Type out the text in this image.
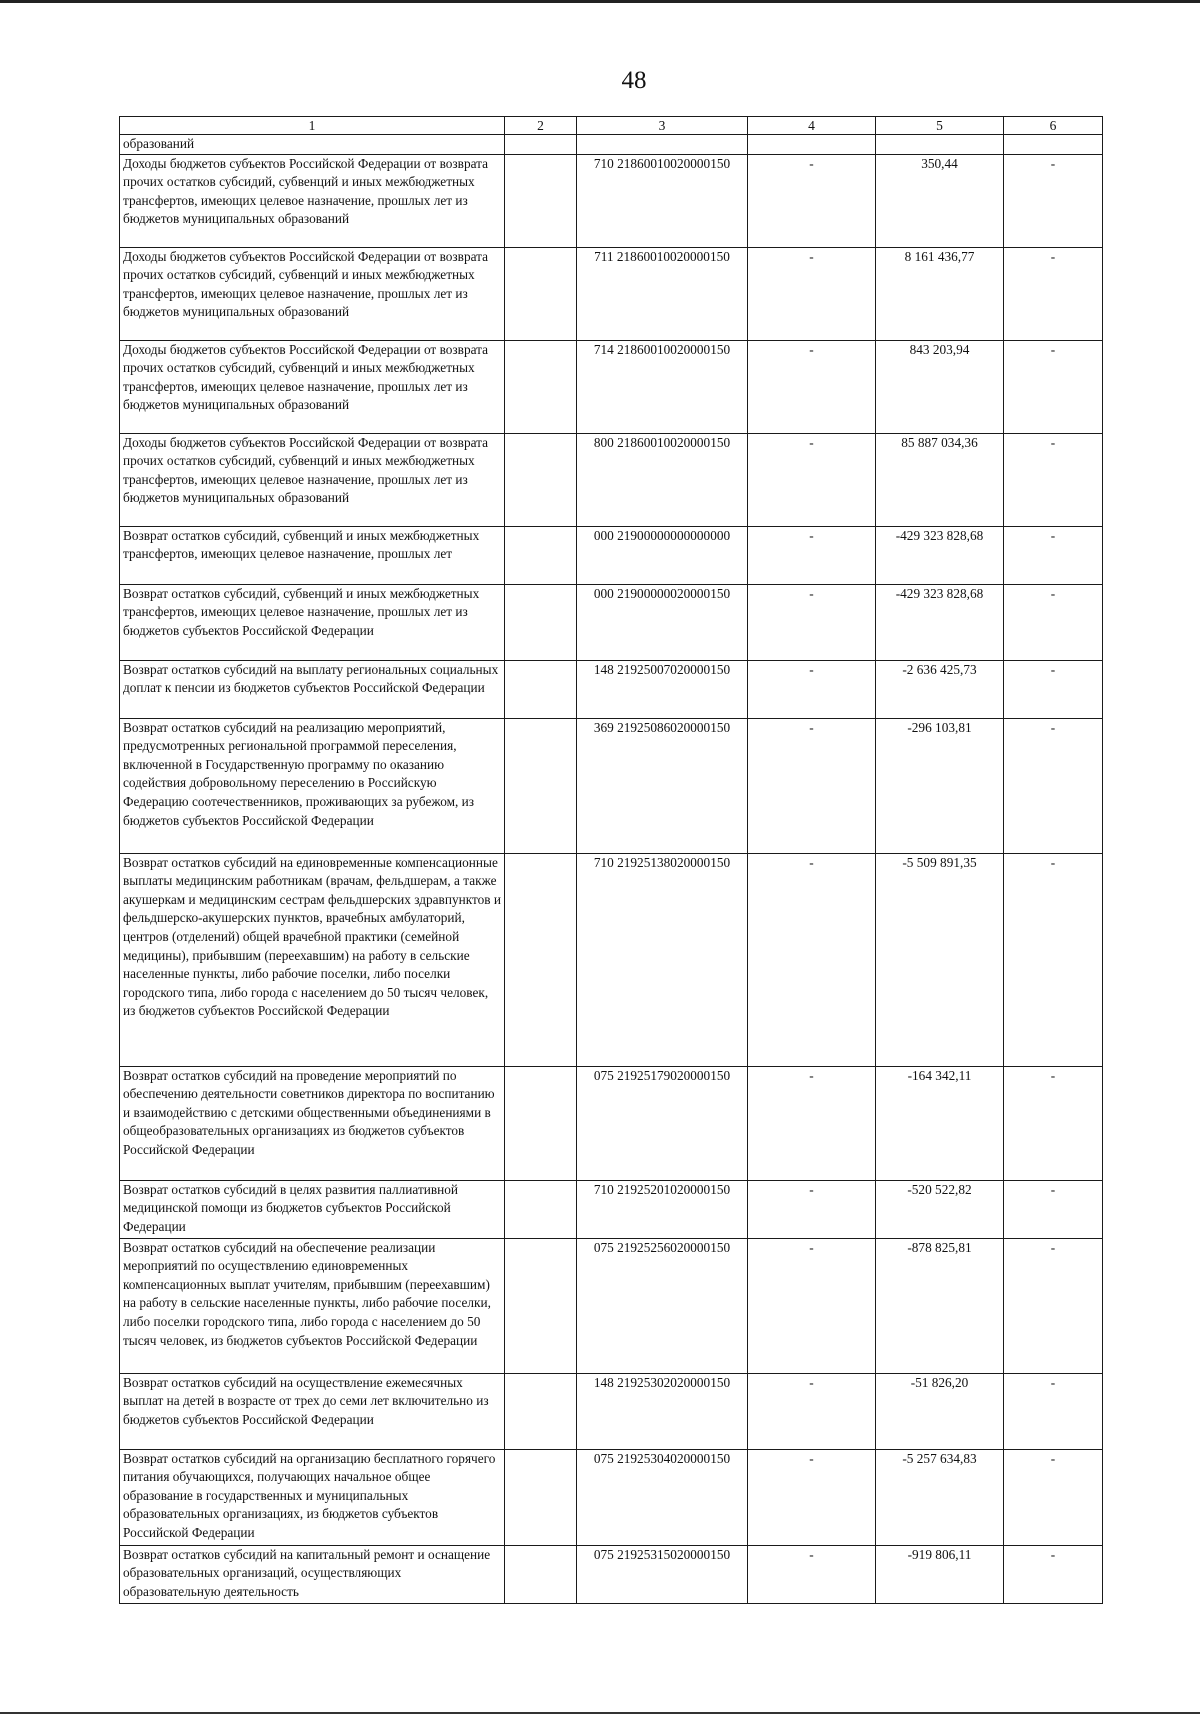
48
1	2	3	4	5	6
образований					
Доходы бюджетов субъектов Российской Федерации от возврата прочих остатков субсидий, субвенций и иных межбюджетных трансфертов, имеющих целевое назначение, прошлых лет из бюджетов муниципальных образований		710 21860010020000150	-	350,44	-
Доходы бюджетов субъектов Российской Федерации от возврата прочих остатков субсидий, субвенций и иных межбюджетных трансфертов, имеющих целевое назначение, прошлых лет из бюджетов муниципальных образований		711 21860010020000150	-	8 161 436,77	-
Доходы бюджетов субъектов Российской Федерации от возврата прочих остатков субсидий, субвенций и иных межбюджетных трансфертов, имеющих целевое назначение, прошлых лет из бюджетов муниципальных образований		714 21860010020000150	-	843 203,94	-
Доходы бюджетов субъектов Российской Федерации от возврата прочих остатков субсидий, субвенций и иных межбюджетных трансфертов, имеющих целевое назначение, прошлых лет из бюджетов муниципальных образований		800 21860010020000150	-	85 887 034,36	-
Возврат остатков субсидий, субвенций и иных межбюджетных трансфертов, имеющих целевое назначение, прошлых лет		000 21900000000000000	-	-429 323 828,68	-
Возврат остатков субсидий, субвенций и иных межбюджетных трансфертов, имеющих целевое назначение, прошлых лет из бюджетов субъектов Российской Федерации		000 21900000020000150	-	-429 323 828,68	-
Возврат остатков субсидий на выплату региональных социальных доплат к пенсии из бюджетов субъектов Российской Федерации		148 21925007020000150	-	-2 636 425,73	-
Возврат остатков субсидий на реализацию мероприятий, предусмотренных региональной программой переселения, включенной в Государственную программу по оказанию содействия добровольному переселению в Российскую Федерацию соотечественников, проживающих за рубежом, из бюджетов субъектов Российской Федерации		369 21925086020000150	-	-296 103,81	-
Возврат остатков субсидий на единовременные компенсационные выплаты медицинским работникам (врачам, фельдшерам, а также акушеркам и медицинским сестрам фельдшерских здравпунктов и фельдшерско-акушерских пунктов, врачебных амбулаторий, центров (отделений) общей врачебной практики (семейной медицины), прибывшим (переехавшим) на работу в сельские населенные пункты, либо рабочие поселки, либо поселки городского типа, либо города с населением до 50 тысяч человек, из бюджетов субъектов Российской Федерации		710 21925138020000150	-	-5 509 891,35	-
Возврат остатков субсидий на проведение мероприятий по обеспечению деятельности советников директора по воспитанию и взаимодействию с детскими общественными объединениями в общеобразовательных организациях из бюджетов субъектов Российской Федерации		075 21925179020000150	-	-164 342,11	-
Возврат остатков субсидий в целях развития паллиативной медицинской помощи из бюджетов субъектов Российской Федерации		710 21925201020000150	-	-520 522,82	-
Возврат остатков субсидий на обеспечение реализации мероприятий по осуществлению единовременных компенсационных выплат учителям, прибывшим (переехавшим) на работу в сельские населенные пункты, либо рабочие поселки, либо поселки городского типа, либо города с населением до 50 тысяч человек, из бюджетов субъектов Российской Федерации		075 21925256020000150	-	-878 825,81	-
Возврат остатков субсидий на осуществление ежемесячных выплат на детей в возрасте от трех до семи лет включительно из бюджетов субъектов Российской Федерации		148 21925302020000150	-	-51 826,20	-
Возврат остатков субсидий на организацию бесплатного горячего питания обучающихся, получающих начальное общее образование в государственных и муниципальных образовательных организациях, из бюджетов субъектов Российской Федерации		075 21925304020000150	-	-5 257 634,83	-
Возврат остатков субсидий на капитальный ремонт и оснащение образовательных организаций, осуществляющих образовательную деятельность		075 21925315020000150	-	-919 806,11	-
